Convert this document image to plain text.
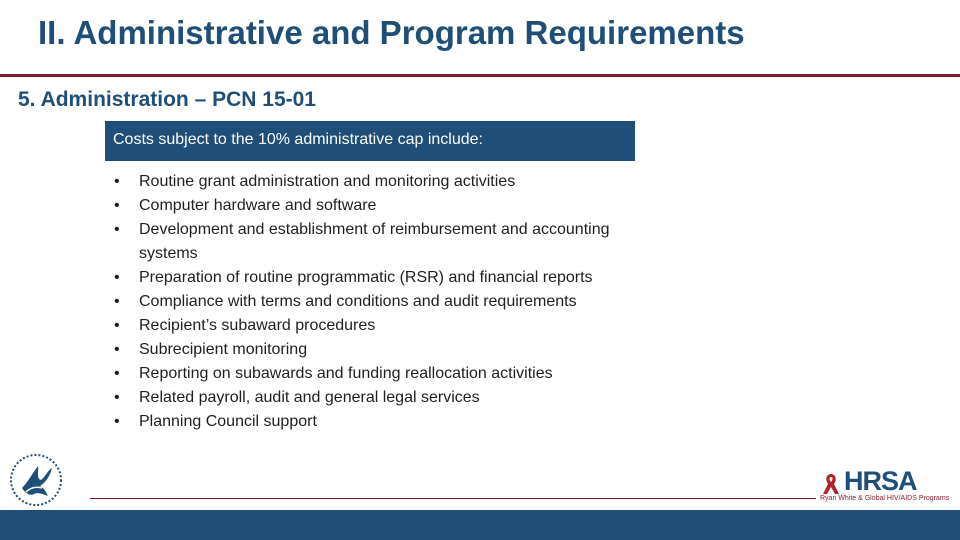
II. Administrative and Program Requirements
5. Administration – PCN 15-01
Costs subject to the 10% administrative cap include:
• Routine grant administration and monitoring activities
• Computer hardware and software
• Development and establishment of reimbursement and accounting systems
• Preparation of routine programmatic (RSR) and financial reports
• Compliance with terms and conditions and audit requirements
• Recipient’s subaward procedures
• Subrecipient monitoring
• Reporting on subawards and funding reallocation activities
• Related payroll, audit and general legal services
• Planning Council support
HRSA
Ryan White & Global HIV/AIDS Programs
